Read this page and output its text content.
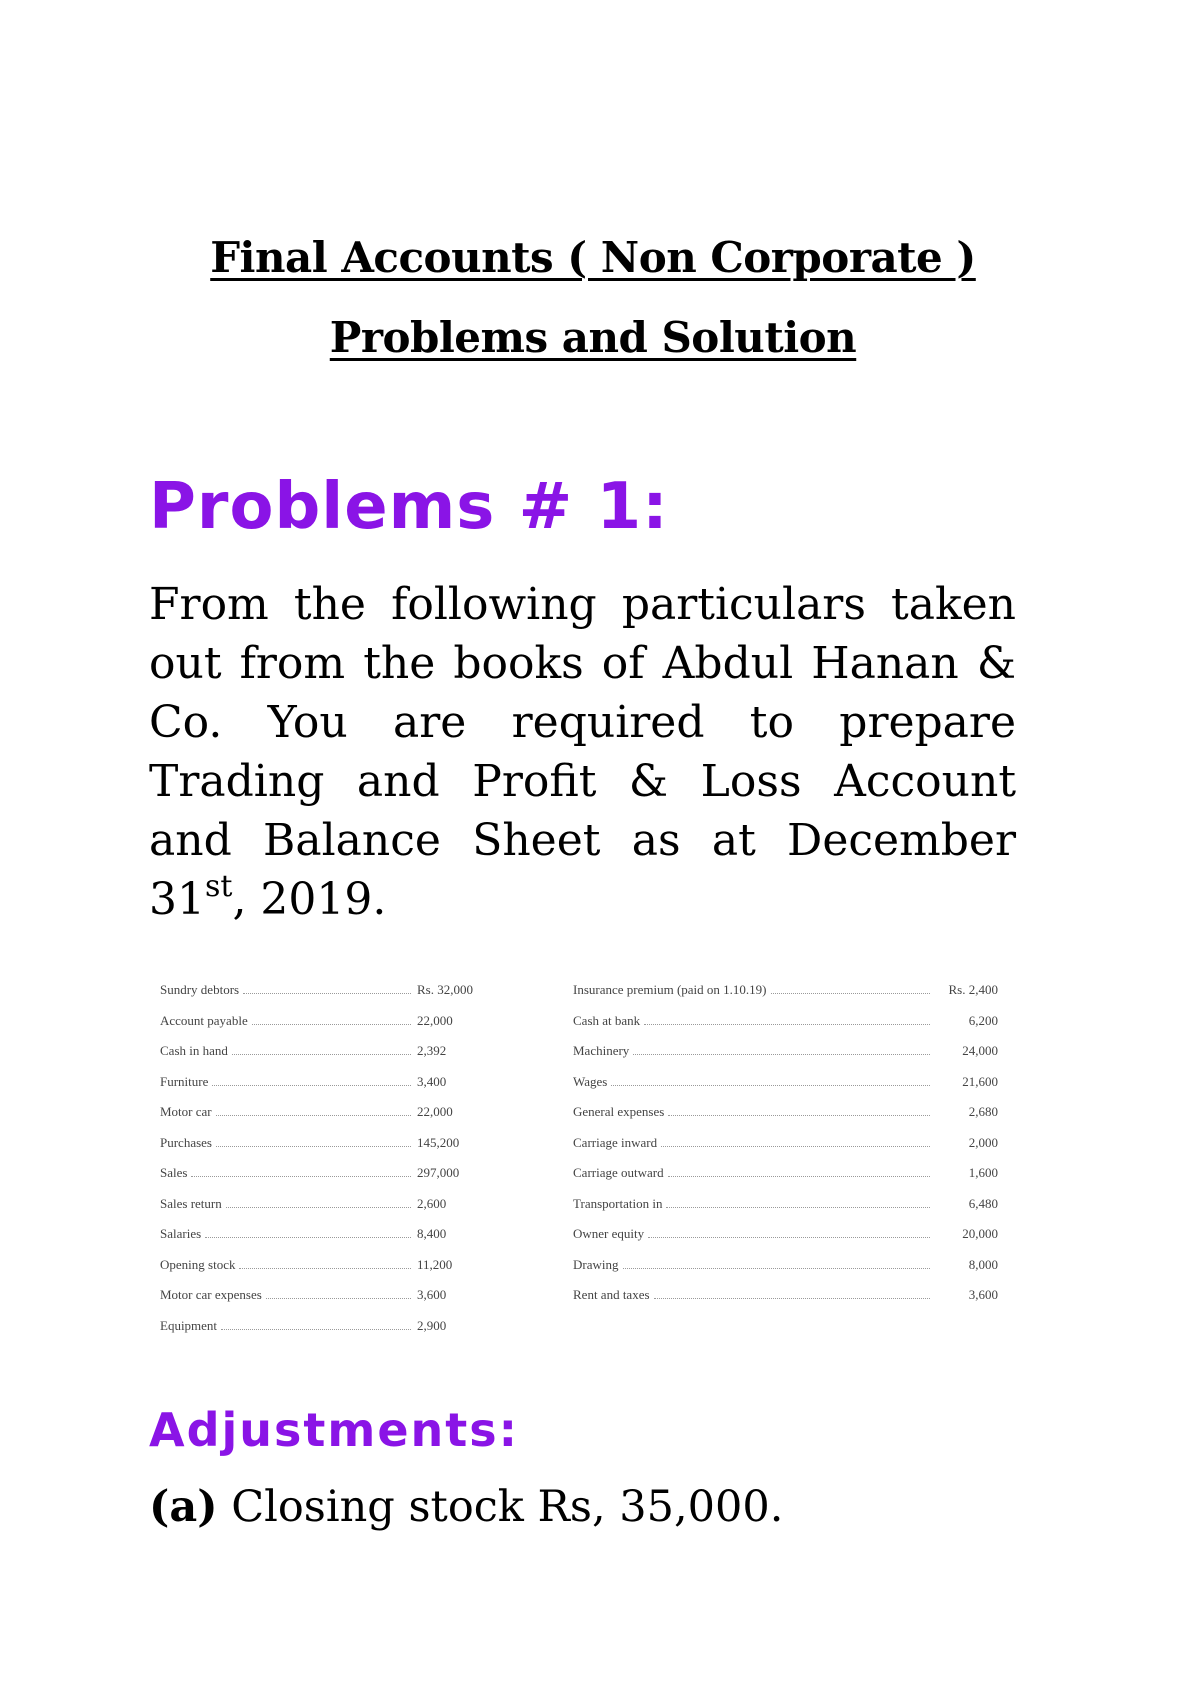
Final Accounts ( Non Corporate )
Problems and Solution
Problems # 1:

From the following particulars taken out from the books of Abdul Hanan & Co. You are required to prepare Trading and Profit & Loss Account and Balance Sheet as at December 31st, 2019.

Sundry debtors	Rs. 32,000
Account payable	22,000
Cash in hand	2,392
Furniture	3,400
Motor car	22,000
Purchases	145,200
Sales	297,000
Sales return	2,600
Salaries	8,400
Opening stock	11,200
Motor car expenses	3,600
Equipment	2,900
Insurance premium (paid on 1.10.19)	Rs. 2,400
Cash at bank	6,200
Machinery	24,000
Wages	21,600
General expenses	2,680
Carriage inward	2,000
Carriage outward	1,600
Transportation in	6,480
Owner equity	20,000
Drawing	8,000
Rent and taxes	3,600
Adjustments:

(a) Closing stock Rs, 35,000.
